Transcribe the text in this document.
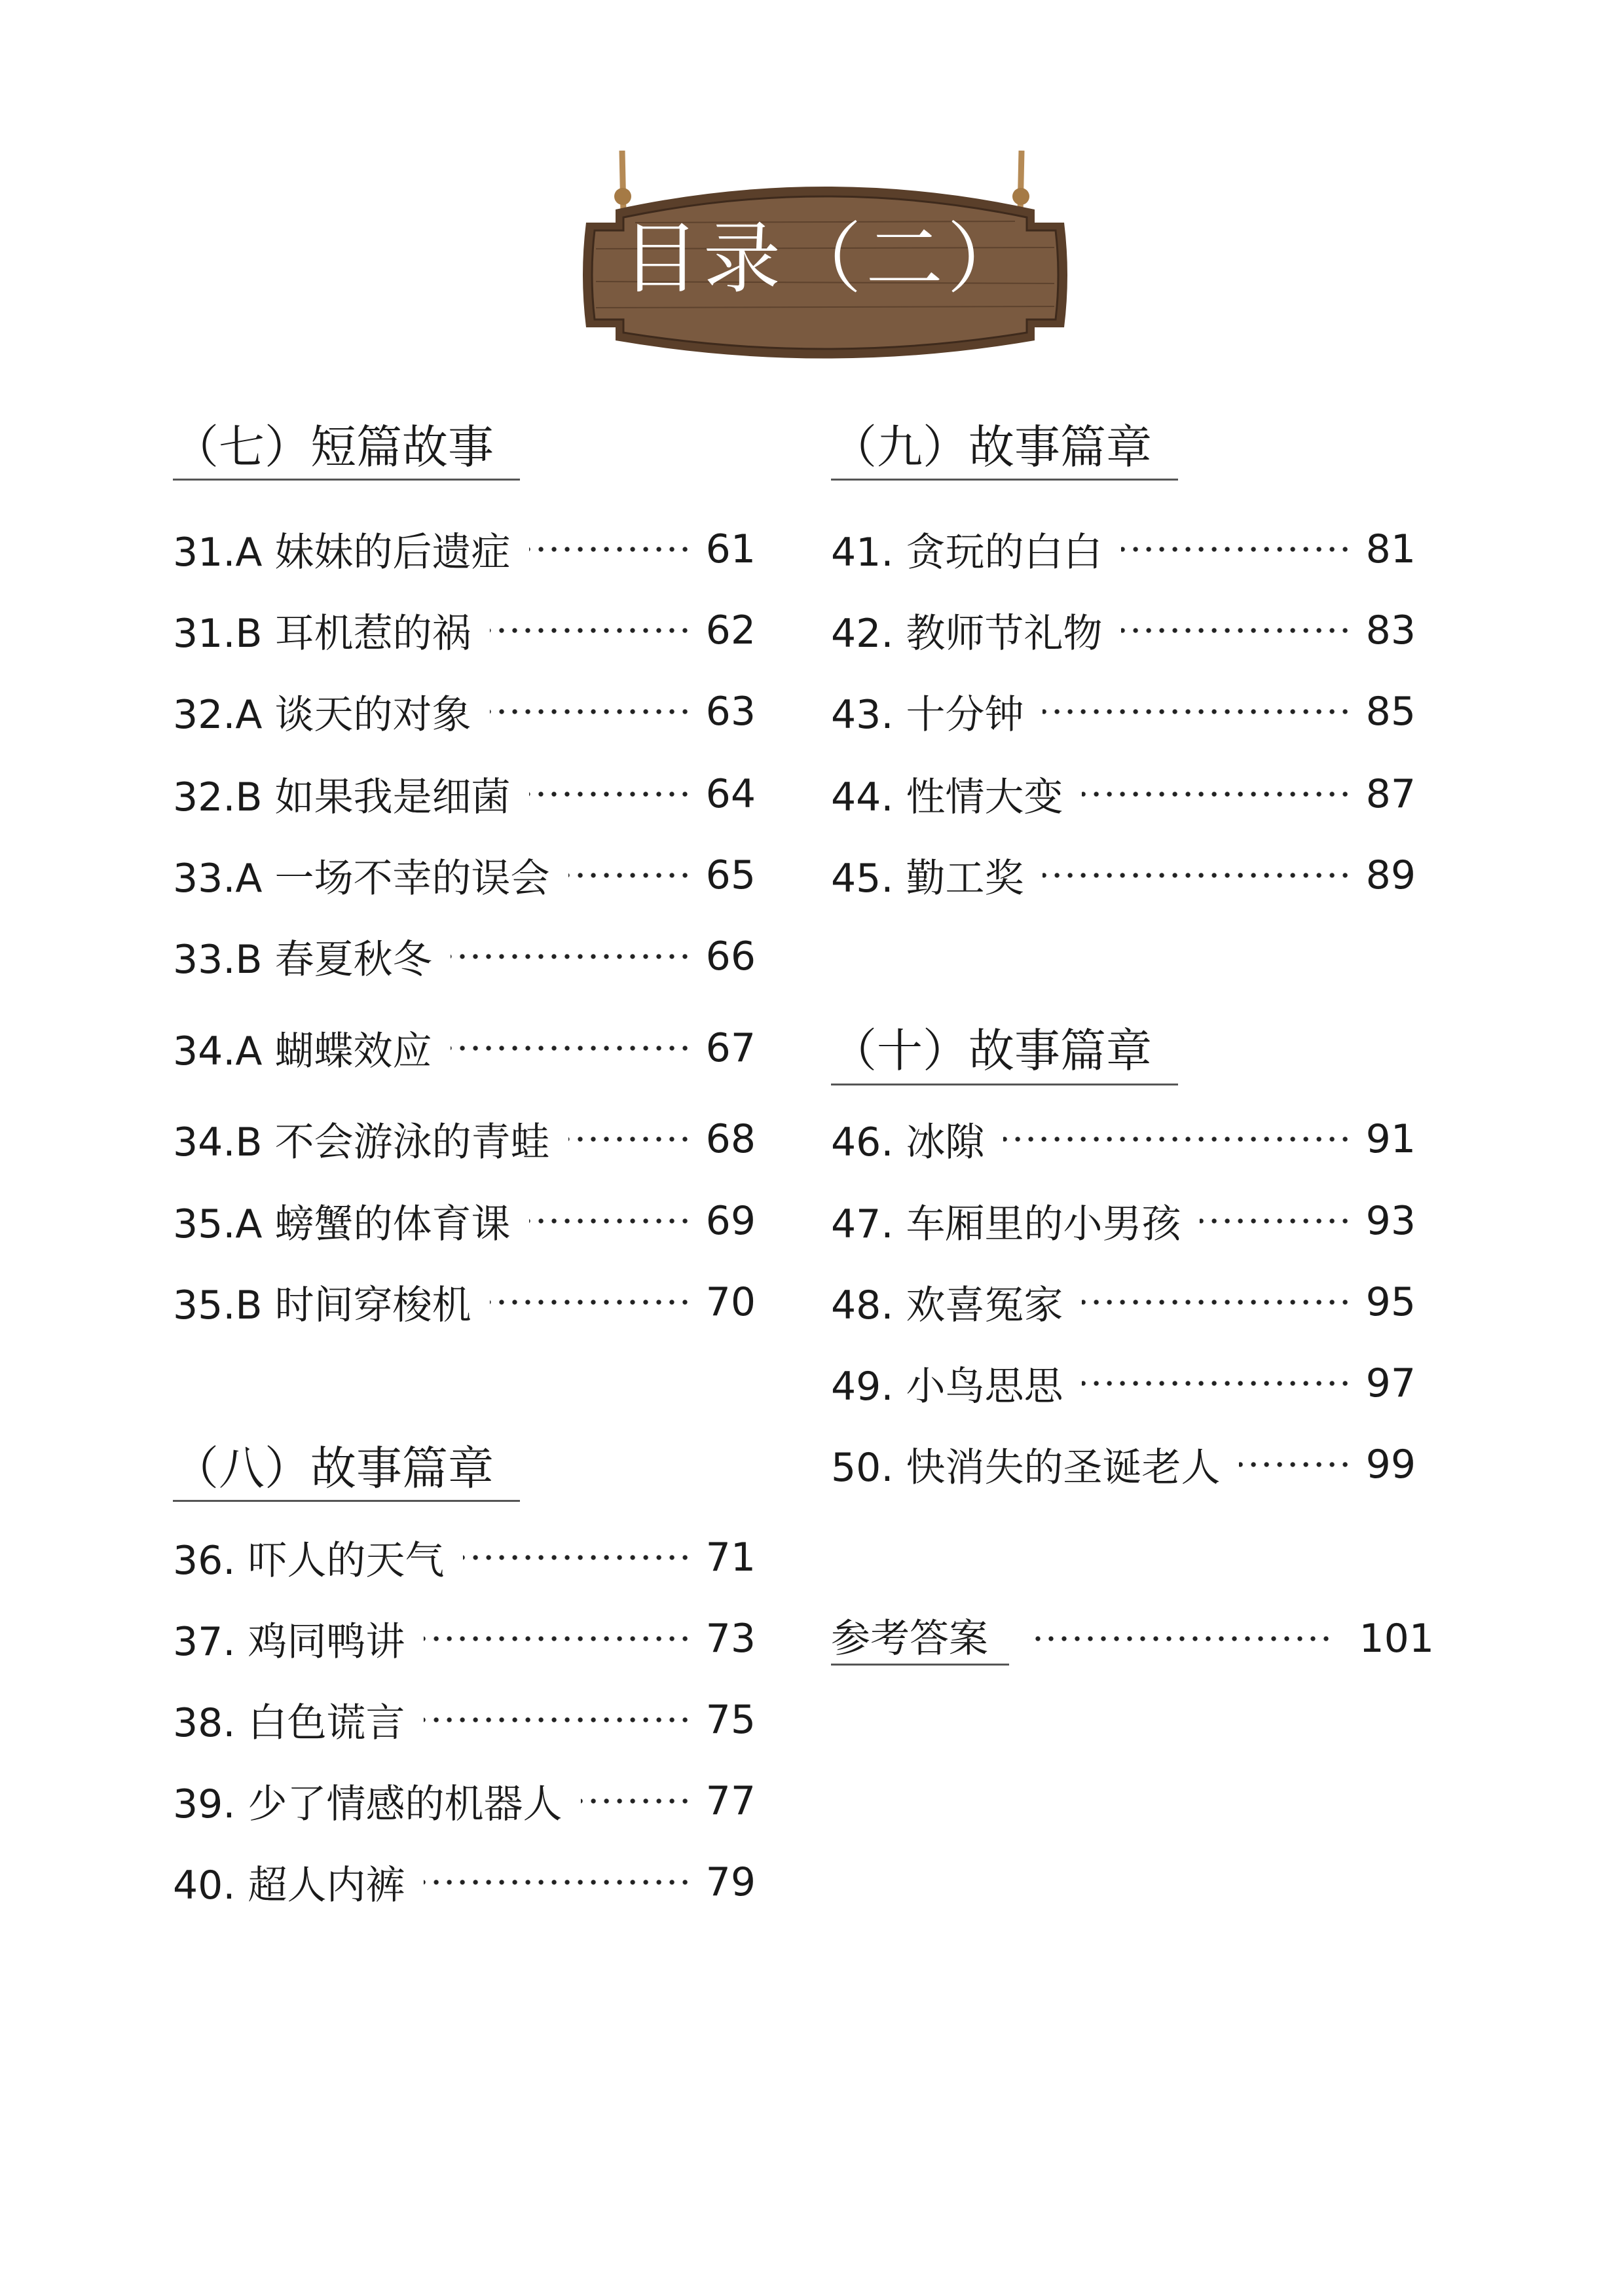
目录（二）
（七）短篇故事
31.A 妹妹的后遗症	61
31.B 耳机惹的祸	62
32.A 谈天的对象	63
32.B 如果我是细菌	64
33.A 一场不幸的误会	65
33.B 春夏秋冬	66
34.A 蝴蝶效应	67
34.B 不会游泳的青蛙	68
35.A 螃蟹的体育课	69
35.B 时间穿梭机	70
（八）故事篇章
36. 吓人的天气	71
37. 鸡同鸭讲	73
38. 白色谎言	75
39. 少了情感的机器人	77
40. 超人内裤	79
（九）故事篇章
41. 贪玩的白白	81
42. 教师节礼物	83
43. 十分钟	85
44. 性情大变	87
45. 勤工奖	89
（十）故事篇章
46. 冰隙	91
47. 车厢里的小男孩	93
48. 欢喜冤家	95
49. 小鸟思思	97
50. 快消失的圣诞老人	99
参考答案	101
